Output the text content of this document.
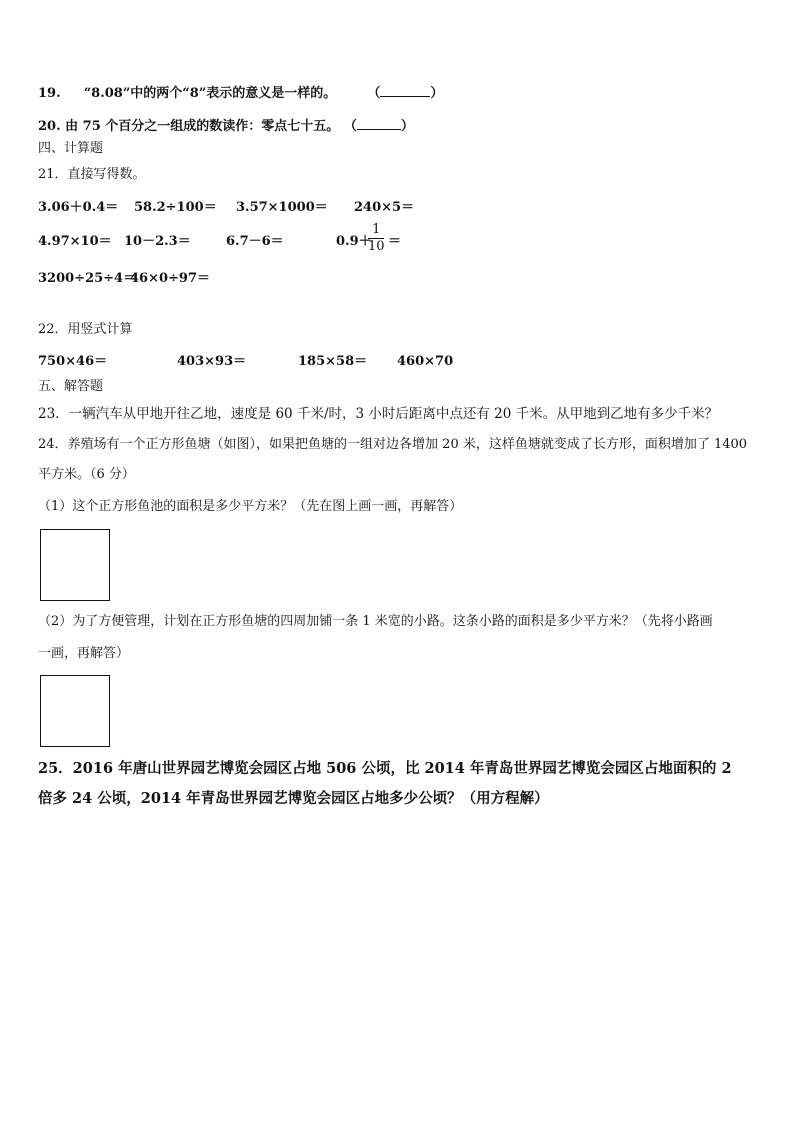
19. “8.08”中的两个“8”表示的意义是一样的。 （	）
20. 由 75 个百分之一组成的数读作：零点七十五。 （	）
四、计算题
21．直接写得数。
3.06＋0.4＝ 58.2÷100＝ 3.57×1000＝ 240×5＝
4.97×10＝ 10－2.3＝	6.7－6＝	0.9＋
1
10 ＝
3200÷25÷4＝
46×0÷97＝
22．用竖式计算
750×46＝	403×93＝	185×58＝ 460×70
五、解答题
23．一辆汽车从甲地开往乙地，速度是 60 千米/时，3 小时后距离中点还有 20 千米。从甲地到乙地有多少千米？
24．养殖场有一个正方形鱼塘（如图），如果把鱼塘的一组对边各增加 20 米，这样鱼塘就变成了长方形，面积增加了 1400
平方米。（6 分）
（1）这个正方形鱼池的面积是多少平方米？（先在图上画一画，再解答）
（2）为了方便管理，计划在正方形鱼塘的四周加铺一条 1 米宽的小路。这条小路的面积是多少平方米？（先将小路画
一画，再解答）
25．2016 年唐山世界园艺博览会园区占地 506 公顷，比 2014 年青岛世界园艺博览会园区占地面积的 2
倍多 24 公顷，2014 年青岛世界园艺博览会园区占地多少公顷？（用方程解）
